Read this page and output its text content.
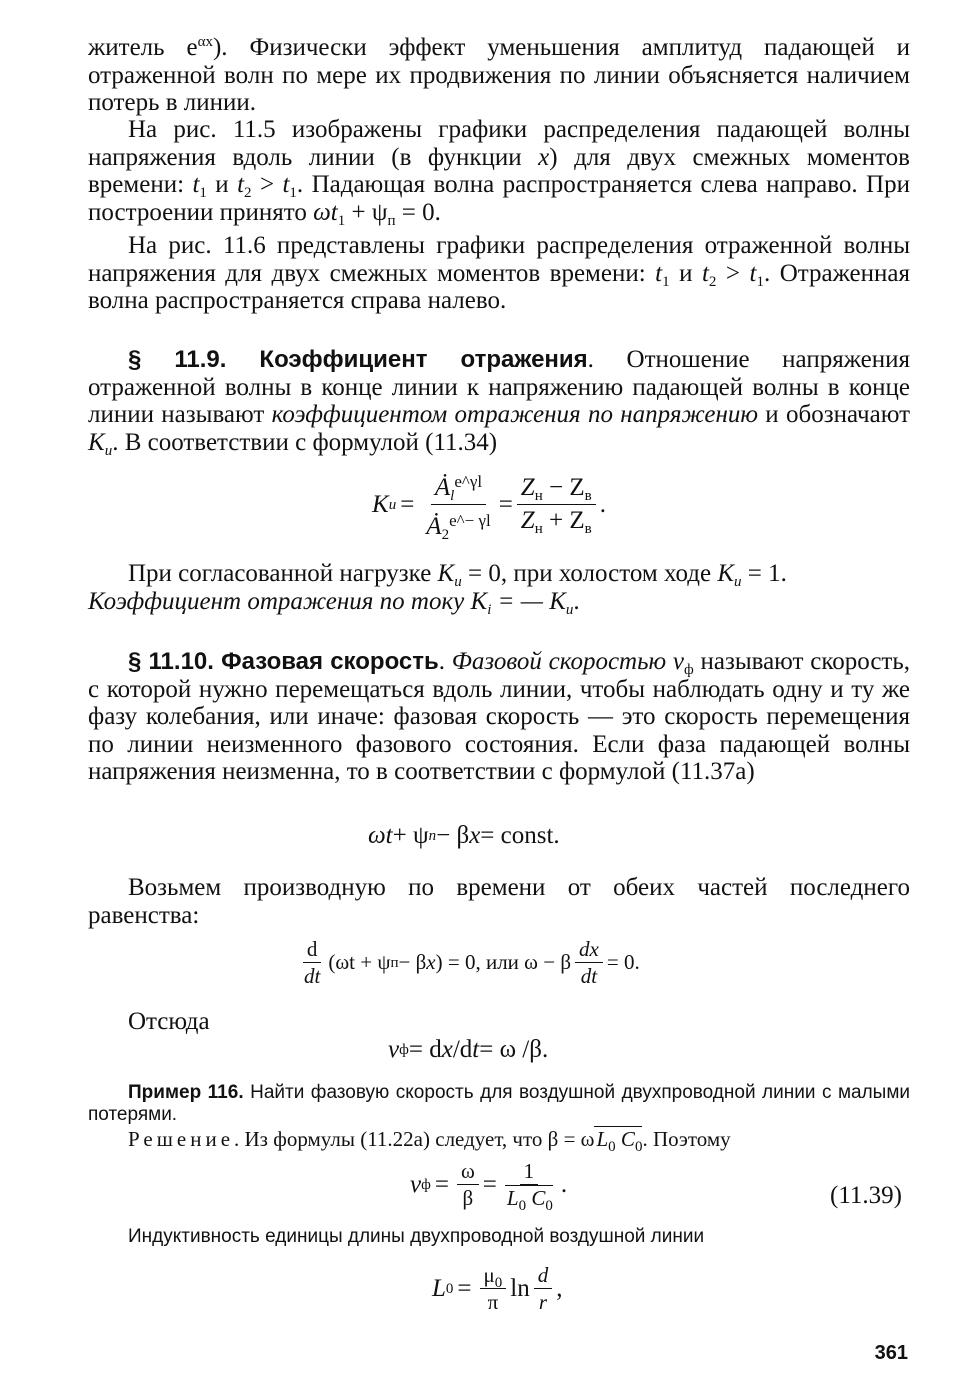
житель $e^{\alpha x}$). Физически эффект уменьшения амплитуд падающей и отраженной волн по мере их продвижения по линии объясняется наличием потерь в линии.

На рис. 11.5 изображены графики распределения падающей волны напряжения вдоль линии (в функции x) для двух смежных моментов времени: $t_1$ и $t_2 > t_1$. Падающая волна распространяется слева направо. При построении принято $\omega t_1 + \psi_п = 0$.

На рис. 11.6 представлены графики распределения отраженной волны напряжения для двух смежных моментов времени: $t_1$ и $t_2 > t_1$. Отраженная волна распространяется справа налево.

§ 11.9. Коэффициент отражения. Отношение напряжения отраженной волны в конце линии к напряжению падающей волны в конце линии называют коэффициентом отражения по напряжению и обозначают $K_u$. В соответствии с формулой (11.34)

K $u = \frac{Ȧ_l^{e\^{}\gamma l}}{Ȧ_2^{e\^{}- \gamma l}} = \frac{Z_н - Z_в}{Z_н + Z_в}$ .

При согласованной нагрузке $K_u = 0$, при холостом ходе $K_u = 1$.
Коэффициент отражения по току $K_i$ = — $K_u$.

§ 11.10. Фазовая скорость. Фазовой скоростью $v_ф$ называют скорость, с которой нужно перемещаться вдоль линии, чтобы наблюдать одну и ту же фазу колебания, или иначе: фазовая скорость — это скорость перемещения по линии неизменного фазового состояния. Если фаза падающей волны напряжения неизменна, то в соответствии с формулой (11.37а)

ωt + ψ п − β x = const.

Возьмем производную по времени от обеих частей последнего равенства:

$\frac{d}{dt} (\omega t + \psi$ п − β x ) = 0, или ω − β $\frac{dx}{dt} = 0$.

Отсюда

v ф = d x /d t = ω /β.

Пример 116. Найти фазовую скорость для воздушной двухпроводной линии с малыми потерями.

Решение. Из формулы (11.22а) следует, что $\beta = \omega L_0$ $C_0$. Поэтому

v $ф = \frac{\omega}{\beta} = \frac{1}{L_0 C_0}$ .	(11.39)

Индуктивность единицы длины двухпроводной воздушной линии

L $0 = \frac{\mu_0}{\pi}$ $\ln \frac{d}{r}$ ,
361
